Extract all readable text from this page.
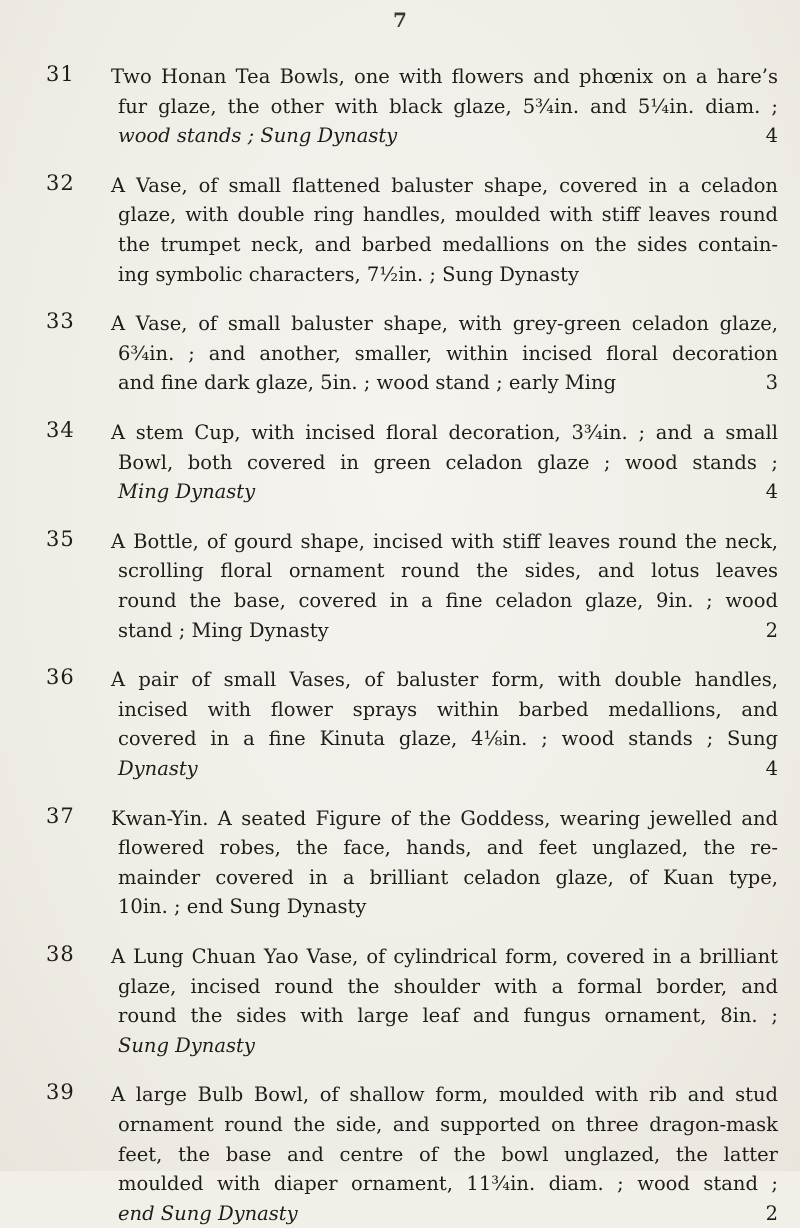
7
31 Two Honan Tea Bowls, one with flowers and phœnix on a hare’s
fur glaze, the other with black glaze, 5¾in. and 5¼in. diam. ;
wood stands ; Sung Dynasty	4
32 A Vase, of small flattened baluster shape, covered in a celadon
glaze, with double ring handles, moulded with stiff leaves round
the trumpet neck, and barbed medallions on the sides contain-
ing symbolic characters, 7½in. ; Sung Dynasty
33 A Vase, of small baluster shape, with grey-green celadon glaze,
6¾in. ; and another, smaller, within incised floral decoration
and fine dark glaze, 5in. ; wood stand ; early Ming	3
34 A stem Cup, with incised floral decoration, 3¾in. ; and a small
Bowl, both covered in green celadon glaze ; wood stands ;
Ming Dynasty	4
35 A Bottle, of gourd shape, incised with stiff leaves round the neck,
scrolling floral ornament round the sides, and lotus leaves
round the base, covered in a fine celadon glaze, 9in. ; wood
stand ; Ming Dynasty	2
36 A pair of small Vases, of baluster form, with double handles,
incised with flower sprays within barbed medallions, and
covered in a fine Kinuta glaze, 4⅛in. ; wood stands ; Sung
Dynasty	4
37 Kwan-Yin. A seated Figure of the Goddess, wearing jewelled and
flowered robes, the face, hands, and feet unglazed, the re-
mainder covered in a brilliant celadon glaze, of Kuan type,
10in. ; end Sung Dynasty
38 A Lung Chuan Yao Vase, of cylindrical form, covered in a brilliant
glaze, incised round the shoulder with a formal border, and
round the sides with large leaf and fungus ornament, 8in. ;
Sung Dynasty
39 A large Bulb Bowl, of shallow form, moulded with rib and stud
ornament round the side, and supported on three dragon-mask
feet, the base and centre of the bowl unglazed, the latter
moulded with diaper ornament, 11¾in. diam. ; wood stand ;
end Sung Dynasty	2
